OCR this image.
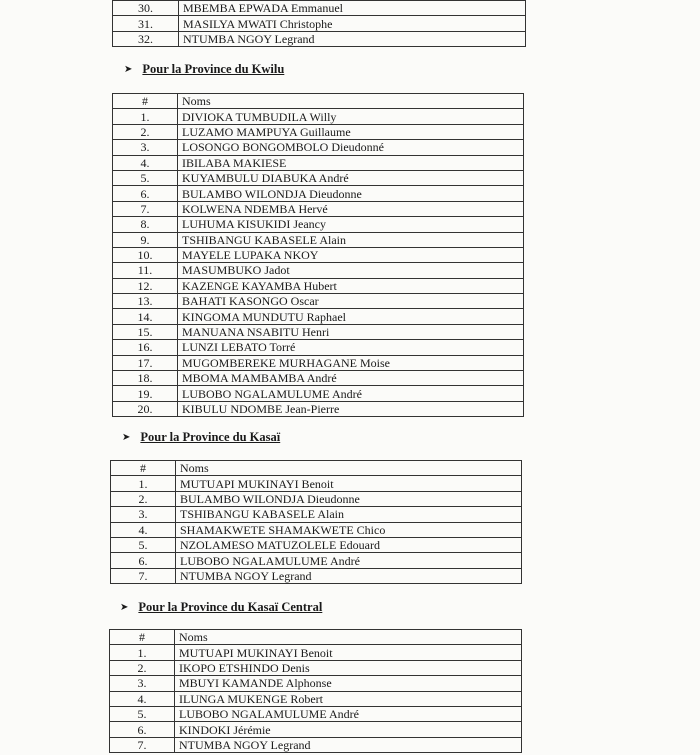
30.	MBEMBA EPWADA Emmanuel
31.	MASILYA MWATI Christophe
32.	NTUMBA NGOY Legrand
➤ Pour la Province du Kwilu
#	Noms
1.	DIVIOKA TUMBUDILA Willy
2.	LUZAMO MAMPUYA Guillaume
3.	LOSONGO BONGOMBOLO Dieudonné
4.	IBILABA MAKIESE
5.	KUYAMBULU DIABUKA André
6.	BULAMBO WILONDJA Dieudonne
7.	KOLWENA NDEMBA Hervé
8.	LUHUMA KISUKIDI Jeancy
9.	TSHIBANGU KABASELE Alain
10.	MAYELE LUPAKA NKOY
11.	MASUMBUKO Jadot
12.	KAZENGE KAYAMBA Hubert
13.	BAHATI KASONGO Oscar
14.	KINGOMA MUNDUTU Raphael
15.	MANUANA NSABITU Henri
16.	LUNZI LEBATO Torré
17.	MUGOMBEREKE MURHAGANE Moise
18.	MBOMA MAMBAMBA André
19.	LUBOBO NGALAMULUME André
20.	KIBULU NDOMBE Jean-Pierre
➤ Pour la Province du Kasaï
#	Noms
1.	MUTUAPI MUKINAYI Benoit
2.	BULAMBO WILONDJA Dieudonne
3.	TSHIBANGU KABASELE Alain
4.	SHAMAKWETE SHAMAKWETE Chico
5.	NZOLAMESO MATUZOLELE Edouard
6.	LUBOBO NGALAMULUME André
7.	NTUMBA NGOY Legrand
➤ Pour la Province du Kasaï Central
#	Noms
1.	MUTUAPI MUKINAYI Benoit
2.	IKOPO ETSHINDO Denis
3.	MBUYI KAMANDE Alphonse
4.	ILUNGA MUKENGE Robert
5.	LUBOBO NGALAMULUME André
6.	KINDOKI Jérémie
7.	NTUMBA NGOY Legrand
